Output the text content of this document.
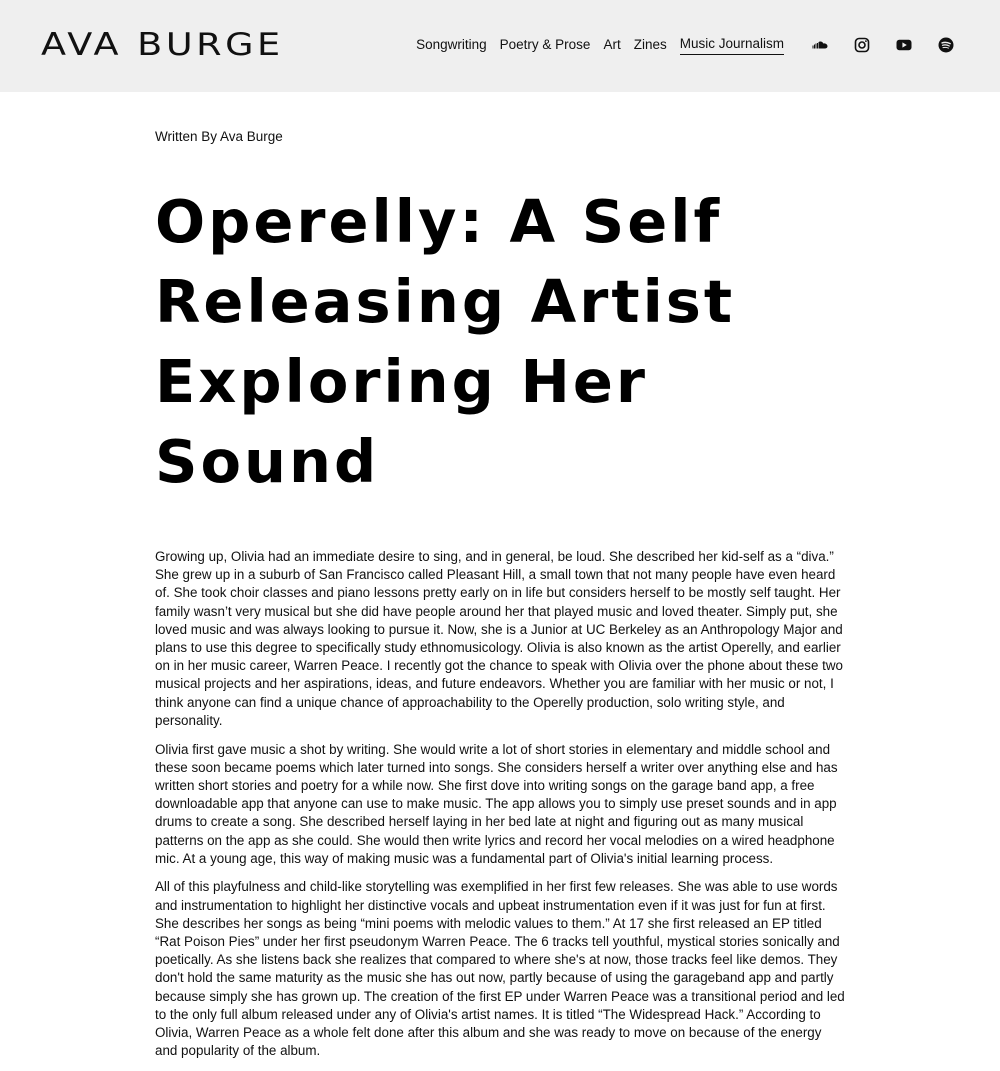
AVA BURGE	Songwriting Poetry & Prose Art Zines Music Journalism

Written By Ava Burge

Operelly: A Self Releasing Artist Exploring Her Sound

Growing up, Olivia had an immediate desire to sing, and in general, be loud. She described her kid-self as a “diva.” She grew up in a suburb of San Francisco called Pleasant Hill, a small town that not many people have even heard of. She took choir classes and piano lessons pretty early on in life but considers herself to be mostly self taught. Her family wasn’t very musical but she did have people around her that played music and loved theater. Simply put, she loved music and was always looking to pursue it. Now, she is a Junior at UC Berkeley as an Anthropology Major and plans to use this degree to specifically study ethnomusicology. Olivia is also known as the artist Operelly, and earlier on in her music career, Warren Peace. I recently got the chance to speak with Olivia over the phone about these two musical projects and her aspirations, ideas, and future endeavors. Whether you are familiar with her music or not, I think anyone can find a unique chance of approachability to the Operelly production, solo writing style, and personality.

Olivia first gave music a shot by writing. She would write a lot of short stories in elementary and middle school and these soon became poems which later turned into songs. She considers herself a writer over anything else and has written short stories and poetry for a while now. She first dove into writing songs on the garage band app, a free downloadable app that anyone can use to make music. The app allows you to simply use preset sounds and in app drums to create a song. She described herself laying in her bed late at night and figuring out as many musical patterns on the app as she could. She would then write lyrics and record her vocal melodies on a wired headphone mic. At a young age, this way of making music was a fundamental part of Olivia's initial learning process.

All of this playfulness and child-like storytelling was exemplified in her first few releases. She was able to use words and instrumentation to highlight her distinctive vocals and upbeat instrumentation even if it was just for fun at first. She describes her songs as being “mini poems with melodic values to them.” At 17 she first released an EP titled “Rat Poison Pies” under her first pseudonym Warren Peace. The 6 tracks tell youthful, mystical stories sonically and poetically. As she listens back she realizes that compared to where she's at now, those tracks feel like demos. They don't hold the same maturity as the music she has out now, partly because of using the garageband app and partly because simply she has grown up. The creation of the first EP under Warren Peace was a transitional period and led to the only full album released under any of Olivia's artist names. It is titled “The Widespread Hack.” According to Olivia, Warren Peace as a whole felt done after this album and she was ready to move on because of the energy and popularity of the album.
